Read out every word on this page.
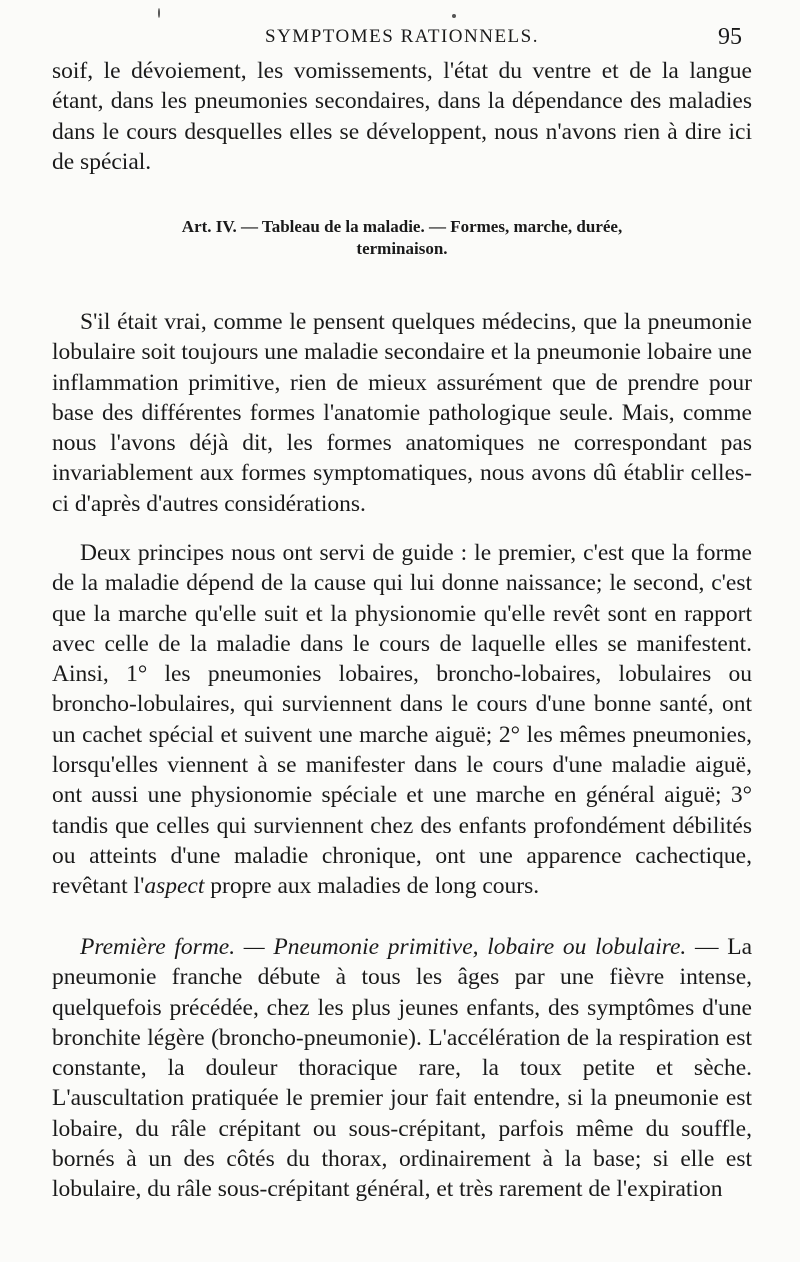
SYMPTOMES RATIONNELS.	95

soif, le dévoiement, les vomissements, l'état du ventre et de la langue étant, dans les pneumonies secondaires, dans la dépendance des maladies dans le cours desquelles elles se développent, nous n'avons rien à dire ici de spécial.

Art. IV. — Tableau de la maladie. — Formes, marche, durée,
terminaison.

S'il était vrai, comme le pensent quelques médecins, que la pneumonie lobulaire soit toujours une maladie secondaire et la pneumonie lobaire une inflammation primitive, rien de mieux assurément que de prendre pour base des différentes formes l'anatomie pathologique seule. Mais, comme nous l'avons déjà dit, les formes anatomiques ne correspondant pas invariablement aux formes symptomatiques, nous avons dû établir celles-ci d'après d'autres considérations.

Deux principes nous ont servi de guide : le premier, c'est que la forme de la maladie dépend de la cause qui lui donne naissance; le second, c'est que la marche qu'elle suit et la physionomie qu'elle revêt sont en rapport avec celle de la maladie dans le cours de laquelle elles se manifestent. Ainsi, 1° les pneumonies lobaires, broncho-lobaires, lobulaires ou broncho-lobulaires, qui surviennent dans le cours d'une bonne santé, ont un cachet spécial et suivent une marche aiguë; 2° les mêmes pneumonies, lorsqu'elles viennent à se manifester dans le cours d'une maladie aiguë, ont aussi une physionomie spéciale et une marche en général aiguë; 3° tandis que celles qui surviennent chez des enfants profondément débilités ou atteints d'une maladie chronique, ont une apparence cachectique, revêtant l'aspect propre aux maladies de long cours.

Première forme. — Pneumonie primitive, lobaire ou lobulaire. — La pneumonie franche débute à tous les âges par une fièvre intense, quelquefois précédée, chez les plus jeunes enfants, des symptômes d'une bronchite légère (broncho-pneumonie). L'accélération de la respiration est constante, la douleur thoracique rare, la toux petite et sèche. L'auscultation pratiquée le premier jour fait entendre, si la pneumonie est lobaire, du râle crépitant ou sous-crépitant, parfois même du souffle, bornés à un des côtés du thorax, ordinairement à la base; si elle est lobulaire, du râle sous-crépitant général, et très rarement de l'expiration
